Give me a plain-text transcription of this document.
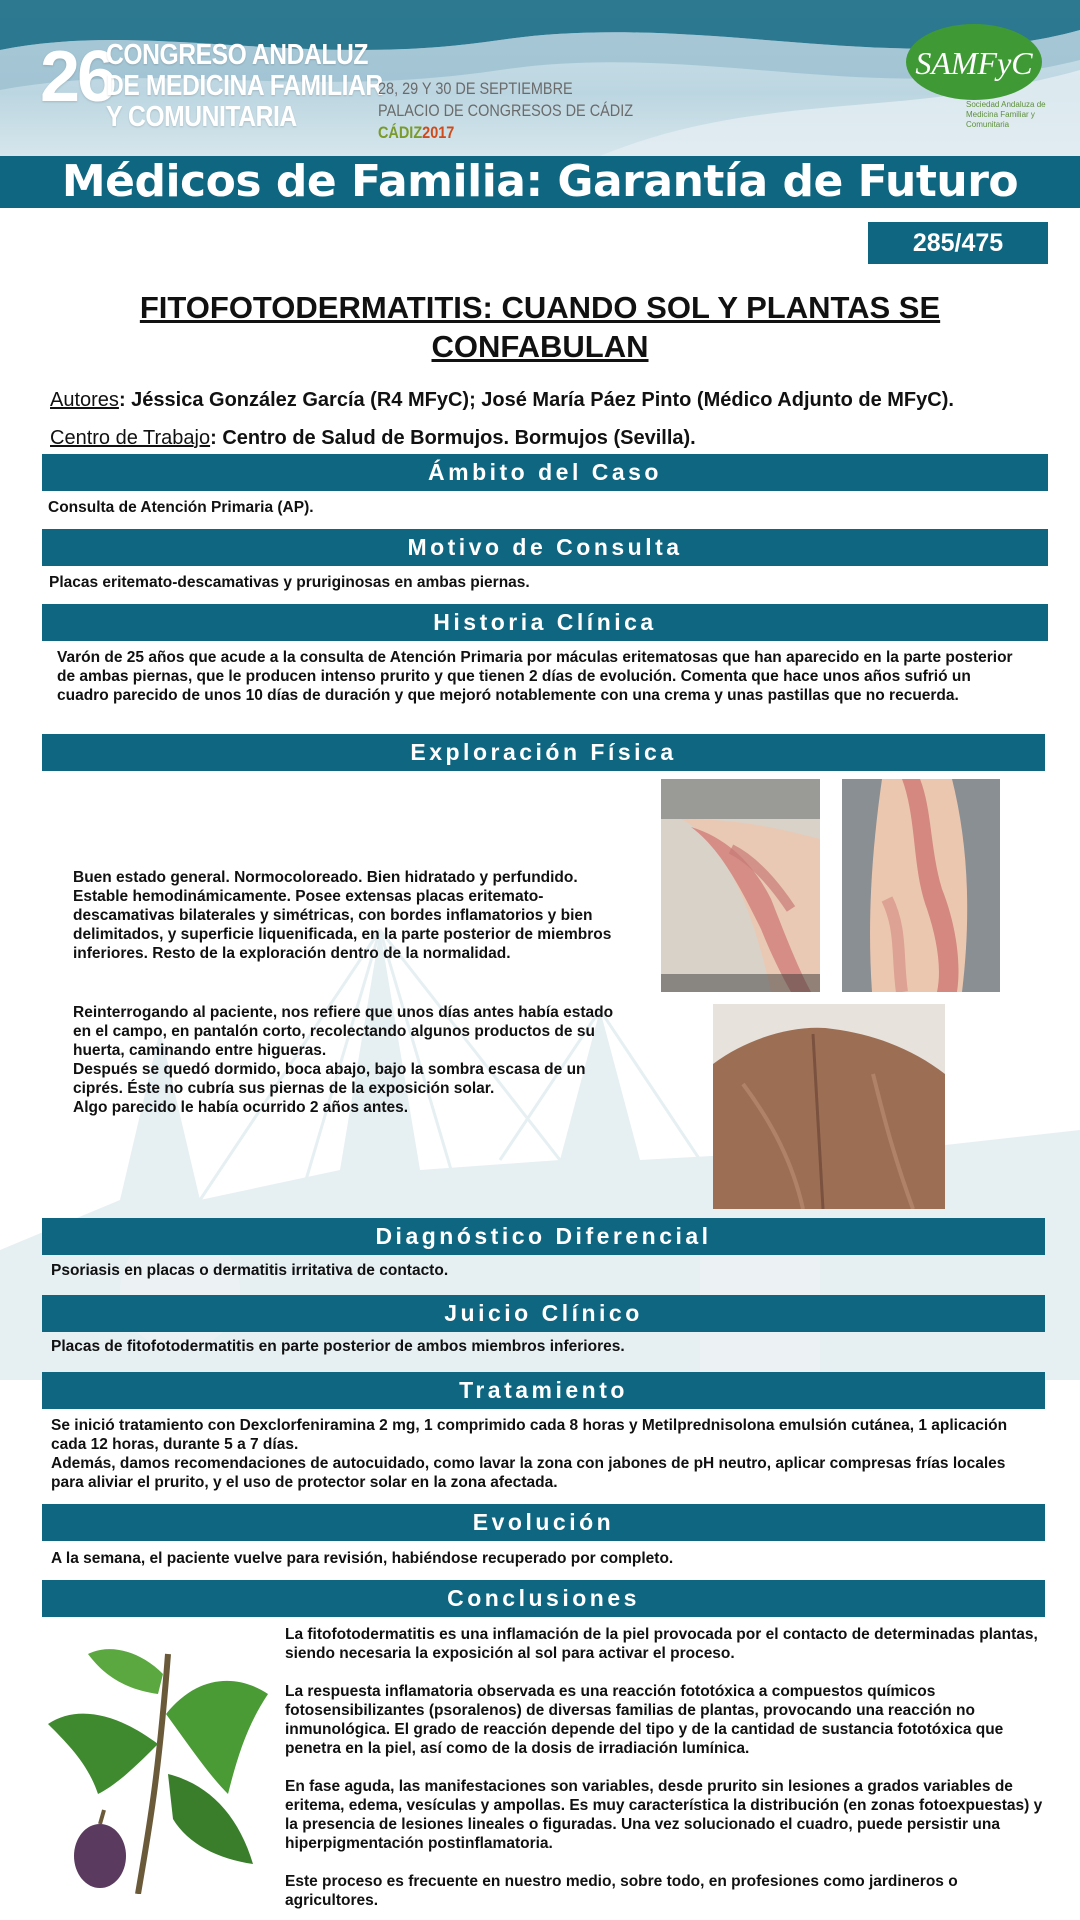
26
CONGRESO ANDALUZ
DE MEDICINA FAMILIAR
Y COMUNITARIA
28, 29 Y 30 DE SEPTIEMBRE
PALACIO DE CONGRESOS DE CÁDIZ
CÁDIZ2017
SAMFyC
Sociedad Andaluza de Medicina Familiar y Comunitaria
Médicos de Familia: Garantía de Futuro
285/475
FITOFOTODERMATITIS: CUANDO SOL Y PLANTAS SE CONFABULAN
Autores: Jéssica González García (R4 MFyC); José María Páez Pinto (Médico Adjunto de MFyC).
Centro de Trabajo: Centro de Salud de Bormujos. Bormujos (Sevilla).
Ámbito del Caso
Consulta de Atención Primaria (AP).
Motivo de Consulta
Placas eritemato-descamativas y pruriginosas en ambas piernas.
Historia Clínica
Varón de 25 años que acude a la consulta de Atención Primaria por máculas eritematosas que han aparecido en la parte posterior de ambas piernas, que le producen intenso prurito y que tienen 2 días de evolución. Comenta que hace unos años sufrió un cuadro parecido de unos 10 días de duración y que mejoró notablemente con una crema y unas pastillas que no recuerda.
Exploración Física

Buen estado general. Normocoloreado. Bien hidratado y perfundido. Estable hemodinámicamente. Posee extensas placas eritemato-descamativas bilaterales y simétricas, con bordes inflamatorios y bien delimitados, y superficie liquenificada, en la parte posterior de miembros inferiores. Resto de la exploración dentro de la normalidad.

Reinterrogando al paciente, nos refiere que unos días antes había estado en el campo, en pantalón corto, recolectando algunos productos de su huerta, caminando entre higueras.
Después se quedó dormido, boca abajo, bajo la sombra escasa de un ciprés. Éste no cubría sus piernas de la exposición solar.
Algo parecido le había ocurrido 2 años antes.
Diagnóstico Diferencial
Psoriasis en placas o dermatitis irritativa de contacto.
Juicio Clínico
Placas de fitofotodermatitis en parte posterior de ambos miembros inferiores.
Tratamiento
Se inició tratamiento con Dexclorfeniramina 2 mg, 1 comprimido cada 8 horas y Metilprednisolona emulsión cutánea, 1 aplicación cada 12 horas, durante 5 a 7 días.
Además, damos recomendaciones de autocuidado, como lavar la zona con jabones de pH neutro, aplicar compresas frías locales para aliviar el prurito, y el uso de protector solar en la zona afectada.
Evolución
A la semana, el paciente vuelve para revisión, habiéndose recuperado por completo.
Conclusiones

La fitofotodermatitis es una inflamación de la piel provocada por el contacto de determinadas plantas, siendo necesaria la exposición al sol para activar el proceso.

La respuesta inflamatoria observada es una reacción fototóxica a compuestos químicos fotosensibilizantes (psoralenos) de diversas familias de plantas, provocando una reacción no inmunológica. El grado de reacción depende del tipo y de la cantidad de sustancia fototóxica que penetra en la piel, así como de la dosis de irradiación lumínica.

En fase aguda, las manifestaciones son variables, desde prurito sin lesiones a grados variables de eritema, edema, vesículas y ampollas. Es muy característica la distribución (en zonas fotoexpuestas) y la presencia de lesiones lineales o figuradas. Una vez solucionado el cuadro, puede persistir una hiperpigmentación postinflamatoria.

Este proceso es frecuente en nuestro medio, sobre todo, en profesiones como jardineros o agricultores.
